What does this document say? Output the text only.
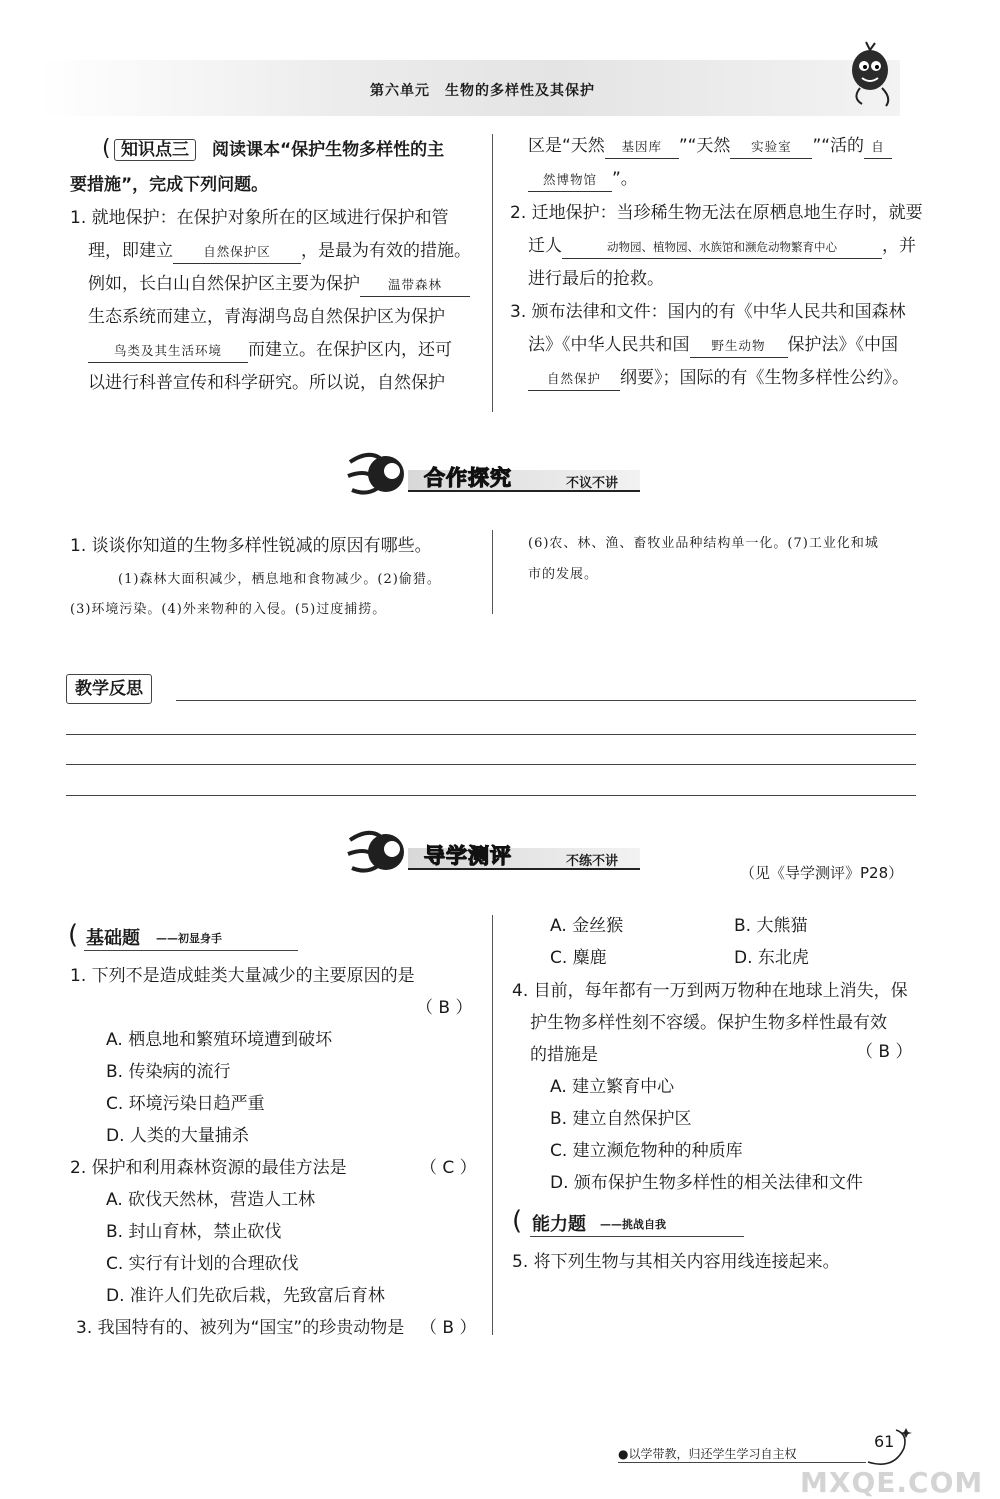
第六单元　生物的多样性及其保护
( 知识点三 阅读课本“保护生物多样性的主
要措施”，完成下列问题。
1. 就地保护：在保护对象所在的区域进行保护和管
理，即建立 自然保护区 ，是最为有效的措施。
例如，长白山自然保护区主要为保护 温带森林
生态系统而建立，青海湖鸟岛自然保护区为保护
鸟类及其生活环境 而建立。在保护区内，还可
以进行科普宣传和科学研究。所以说，自然保护
区是“天然 基因库 ”“天然 实验室 ”“活的 自
然博物馆 ”。
2. 迁地保护：当珍稀生物无法在原栖息地生存时，就要
迁人	动物园、植物园、水族馆和濒危动物繁育中心	，并
进行最后的抢救。
3. 颁布法律和文件：国内的有《中华人民共和国森林
法》《中华人民共和国 野生动物 保护法》《中国
自然保护 纲要》；国际的有《生物多样性公约》。
合作探究	不议不讲
1. 谈谈你知道的生物多样性锐减的原因有哪些。
(1)森林大面积减少，栖息地和食物减少。(2)偷猎。
(3)环境污染。(4)外来物种的入侵。(5)过度捕捞。
(6)农、林、渔、畜牧业品种结构单一化。(7)工业化和城
市的发展。
教学反思
导学测评	不练不讲
（见《导学测评》P28）
( 基础题 ——初显身手
1. 下列不是造成蛙类大量减少的主要原因的是
（ B ）
A. 栖息地和繁殖环境遭到破坏
B. 传染病的流行
C. 环境污染日趋严重
D. 人类的大量捕杀
2. 保护和利用森林资源的最佳方法是	（ C ）
A. 砍伐天然林，营造人工林
B. 封山育林，禁止砍伐
C. 实行有计划的合理砍伐
D. 准许人们先砍后栽，先致富后育林
3. 我国特有的、被列为“国宝”的珍贵动物是 （ B ）
A. 金丝猴	B. 大熊猫
C. 麋鹿	D. 东北虎
4. 目前，每年都有一万到两万物种在地球上消失，保
护生物多样性刻不容缓。保护生物多样性最有效
的措施是	（ B ）
A. 建立繁育中心
B. 建立自然保护区
C. 建立濒危物种的种质库
D. 颁布保护生物多样性的相关法律和文件
( 能力题 ——挑战自我
5. 将下列生物与其相关内容用线连接起来。
●以学带教，归还学生学习自主权
61
MXQE.COM
